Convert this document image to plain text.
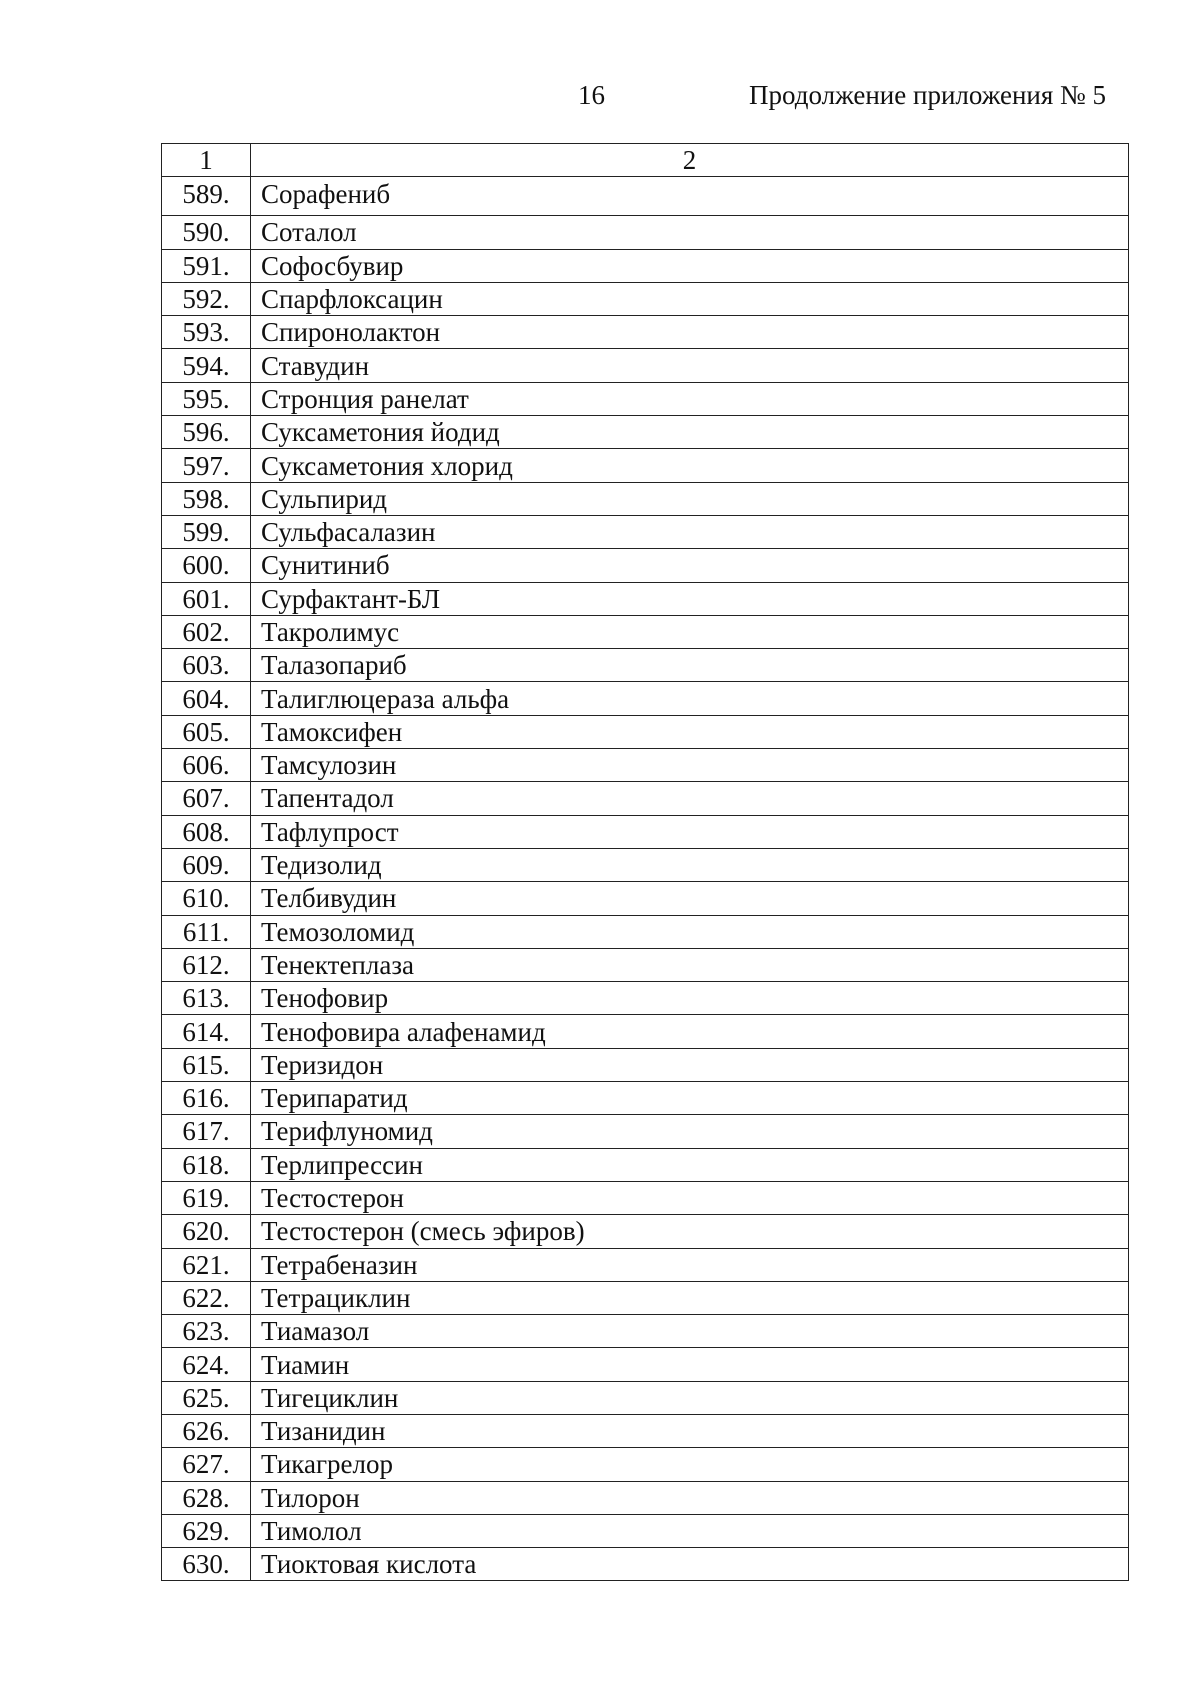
16	Продолжение приложения № 5
1	2
589.	Сорафениб
590.	Соталол
591.	Софосбувир
592.	Спарфлоксацин
593.	Спиронолактон
594.	Ставудин
595.	Стронция ранелат
596.	Суксаметония йодид
597.	Суксаметония хлорид
598.	Сульпирид
599.	Сульфасалазин
600.	Сунитиниб
601.	Сурфактант-БЛ
602.	Такролимус
603.	Талазопариб
604.	Талиглюцераза альфа
605.	Тамоксифен
606.	Тамсулозин
607.	Тапентадол
608.	Тафлупрост
609.	Тедизолид
610.	Телбивудин
611.	Темозоломид
612.	Тенектеплаза
613.	Тенофовир
614.	Тенофовира алафенамид
615.	Теризидон
616.	Терипаратид
617.	Терифлуномид
618.	Терлипрессин
619.	Тестостерон
620.	Тестостерон (смесь эфиров)
621.	Тетрабеназин
622.	Тетрациклин
623.	Тиамазол
624.	Тиамин
625.	Тигециклин
626.	Тизанидин
627.	Тикагрелор
628.	Тилорон
629.	Тимолол
630.	Тиоктовая кислота
